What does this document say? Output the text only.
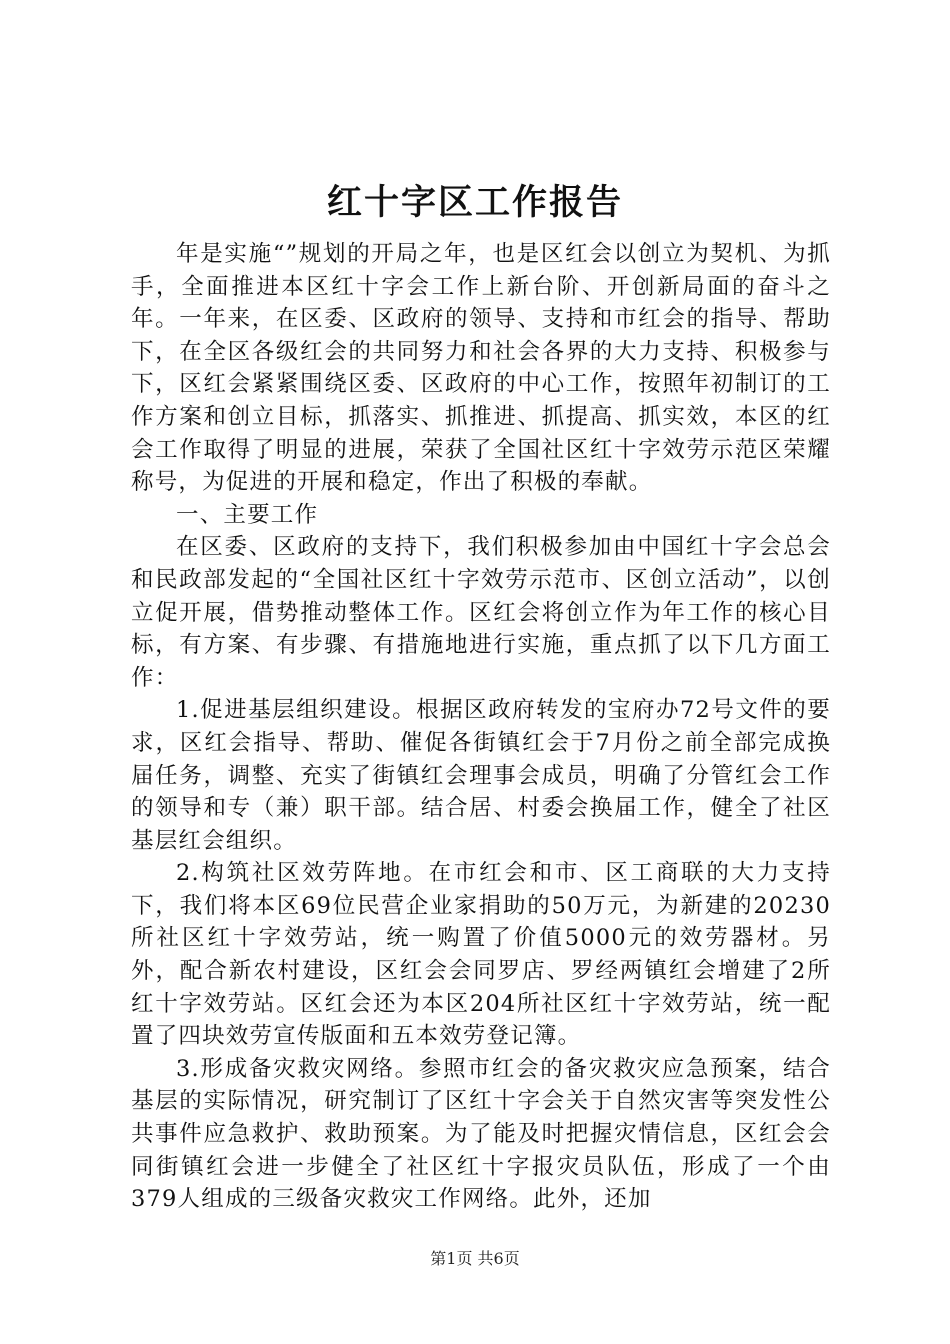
红十字区工作报告

年是实施“”规划的开局之年，也是区红会以创立为契机、为抓手，全面推进本区红十字会工作上新台阶、开创新局面的奋斗之年。一年来，在区委、区政府的领导、支持和市红会的指导、帮助下，在全区各级红会的共同努力和社会各界的大力支持、积极参与下，区红会紧紧围绕区委、区政府的中心工作，按照年初制订的工作方案和创立目标，抓落实、抓推进、抓提高、抓实效，本区的红会工作取得了明显的进展，荣获了全国社区红十字效劳示范区荣耀称号，为促进的开展和稳定，作出了积极的奉献。

一、主要工作

在区委、区政府的支持下，我们积极参加由中国红十字会总会和民政部发起的“全国社区红十字效劳示范市、区创立活动”，以创立促开展，借势推动整体工作。区红会将创立作为年工作的核心目标，有方案、有步骤、有措施地进行实施，重点抓了以下几方面工作：

1.促进基层组织建设。根据区政府转发的宝府办72号文件的要求，区红会指导、帮助、催促各街镇红会于7月份之前全部完成换届任务，调整、充实了街镇红会理事会成员，明确了分管红会工作的领导和专（兼）职干部。结合居、村委会换届工作，健全了社区基层红会组织。

2.构筑社区效劳阵地。在市红会和市、区工商联的大力支持下，我们将本区69位民营企业家捐助的50万元，为新建的20230所社区红十字效劳站，统一购置了价值5000元的效劳器材。另外，配合新农村建设，区红会会同罗店、罗经两镇红会增建了2所红十字效劳站。区红会还为本区204所社区红十字效劳站，统一配置了四块效劳宣传版面和五本效劳登记簿。

3.形成备灾救灾网络。参照市红会的备灾救灾应急预案，结合基层的实际情况，研究制订了区红十字会关于自然灾害等突发性公共事件应急救护、救助预案。为了能及时把握灾情信息，区红会会同街镇红会进一步健全了社区红十字报灾员队伍，形成了一个由379人组成的三级备灾救灾工作网络。此外，还加

第1页 共6页
